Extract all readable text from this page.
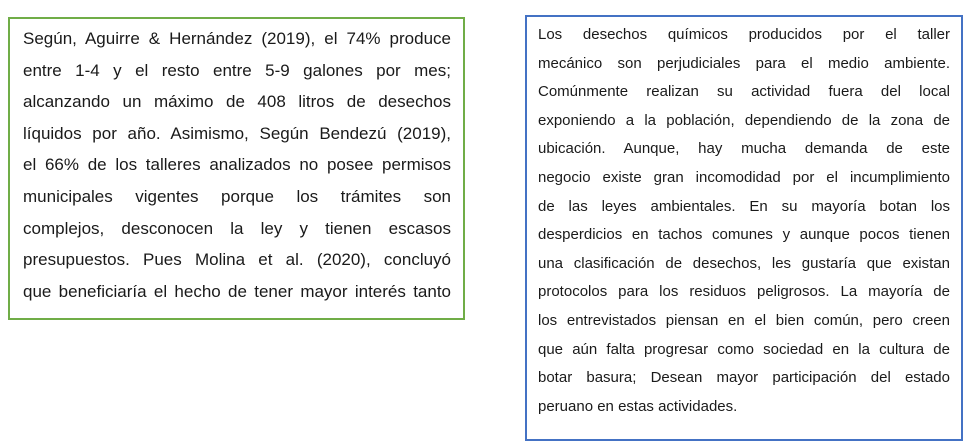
Según, Aguirre & Hernández (2019), el 74% produce
entre 1-4 y el resto entre 5-9 galones por mes;
alcanzando un máximo de 408 litros de desechos
líquidos por año. Asimismo, Según Bendezú (2019),
el 66% de los talleres analizados no posee permisos
municipales vigentes porque los trámites son
complejos, desconocen la ley y tienen escasos
presupuestos. Pues Molina et al. (2020), concluyó
que beneficiaría el hecho de tener mayor interés tanto
Los desechos químicos producidos por el taller
mecánico son perjudiciales para el medio ambiente.
Comúnmente realizan su actividad fuera del local
exponiendo a la población, dependiendo de la zona de
ubicación. Aunque, hay mucha demanda de este
negocio existe gran incomodidad por el incumplimiento
de las leyes ambientales. En su mayoría botan los
desperdicios en tachos comunes y aunque pocos tienen
una clasificación de desechos, les gustaría que existan
protocolos para los residuos peligrosos. La mayoría de
los entrevistados piensan en el bien común, pero creen
que aún falta progresar como sociedad en la cultura de
botar basura; Desean mayor participación del estado
peruano en estas actividades.
